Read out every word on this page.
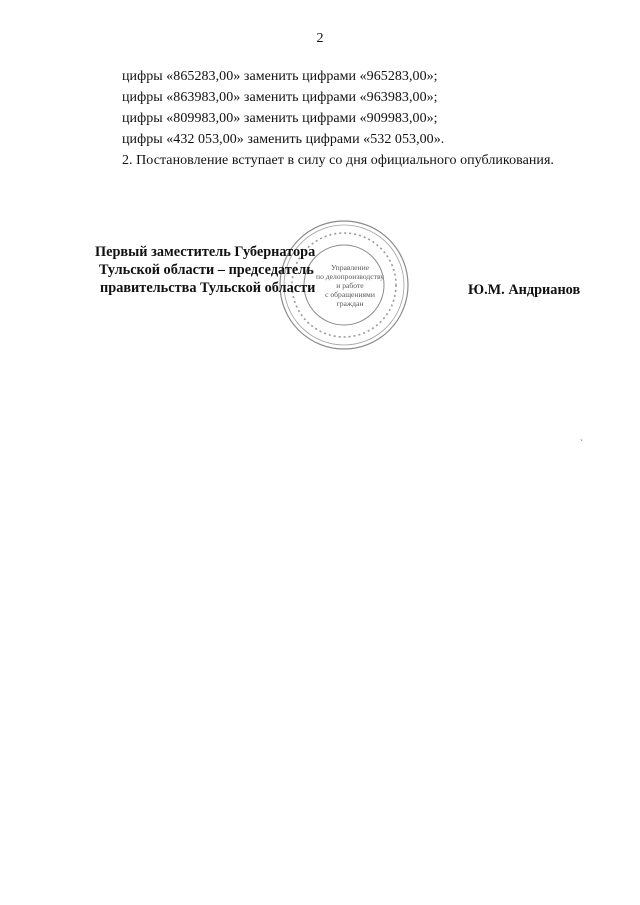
2
цифры «865283,00» заменить цифрами «965283,00»;
цифры «863983,00» заменить цифрами «963983,00»;
цифры «809983,00» заменить цифрами «909983,00»;
цифры «432 053,00» заменить цифрами «532 053,00».
2. Постановление вступает в силу со дня официального опубликования.
Управление
по делопроизводству
и работе
с обращениями
граждан
Первый заместитель Губернатора
Тульской области – председатель
правительства Тульской области	Ю.М. Андрианов
`
